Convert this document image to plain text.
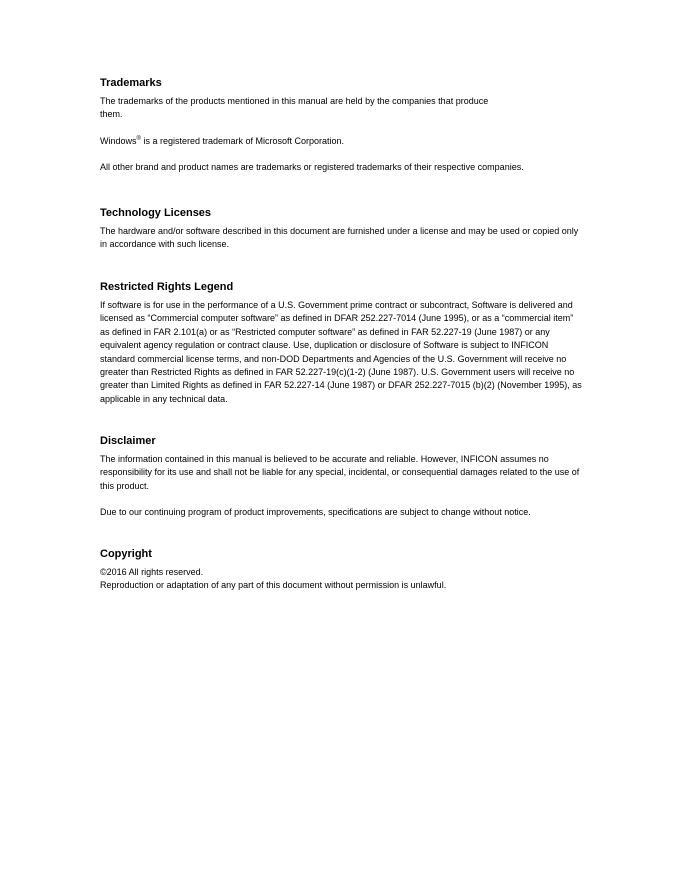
Trademarks

The trademarks of the products mentioned in this manual are held by the companies that produce them.

Windows® is a registered trademark of Microsoft Corporation.

All other brand and product names are trademarks or registered trademarks of their respective companies.

Technology Licenses

The hardware and/or software described in this document are furnished under a license and may be used or copied only in accordance with such license.

Restricted Rights Legend

If software is for use in the performance of a U.S. Government prime contract or subcontract, Software is delivered and licensed as “Commercial computer software” as defined in DFAR 252.227-7014 (June 1995), or as a “commercial item” as defined in FAR 2.101(a) or as “Restricted computer software” as defined in FAR 52.227-19 (June 1987) or any equivalent agency regulation or contract clause. Use, duplication or disclosure of Software is subject to INFICON standard commercial license terms, and non-DOD Departments and Agencies of the U.S. Government will receive no greater than Restricted Rights as defined in FAR 52.227-19(c)(1-2) (June 1987). U.S. Government users will receive no greater than Limited Rights as defined in FAR 52.227-14 (June 1987) or DFAR 252.227-7015 (b)(2) (November 1995), as applicable in any technical data.

Disclaimer

The information contained in this manual is believed to be accurate and reliable. However, INFICON assumes no responsibility for its use and shall not be liable for any special, incidental, or consequential damages related to the use of this product.

Due to our continuing program of product improvements, specifications are subject to change without notice.

Copyright

©2016 All rights reserved.

Reproduction or adaptation of any part of this document without permission is unlawful.
